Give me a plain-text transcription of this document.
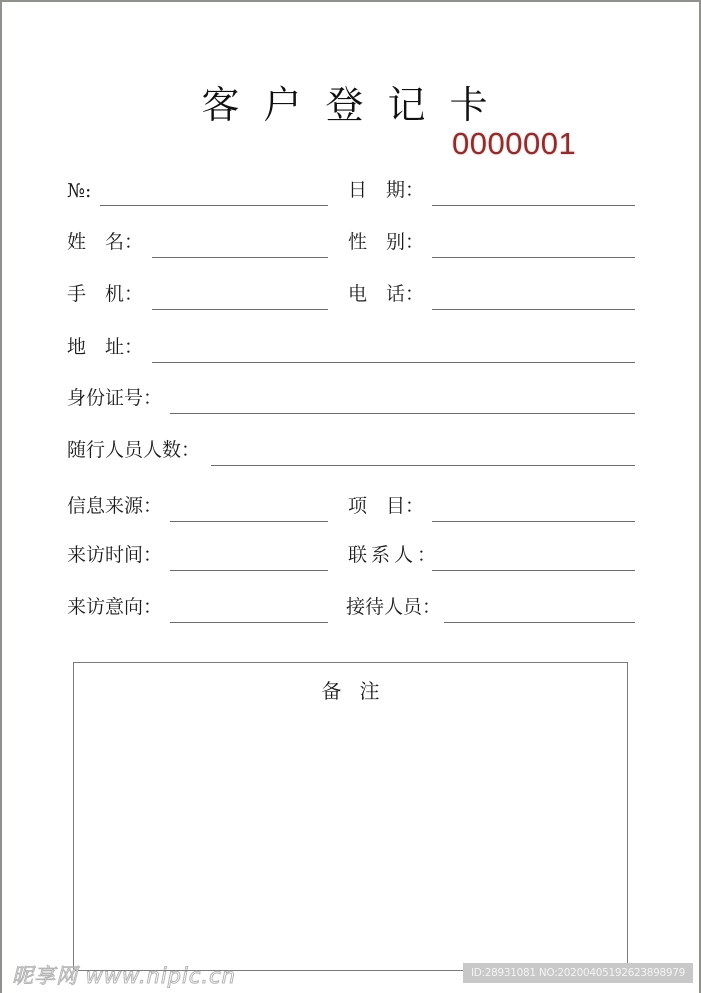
客户登记卡
0000001
№:	日　期：
姓　名：	性　别：
手　机：	电　话：
地　址：
身份证号：
随行人员人数：
信息来源：	项　目：
来访时间：	联系人：
来访意向：	接待人员：
备注
昵享网 www.nipic.cn	ID:28931081 NO:20200405192623898979
